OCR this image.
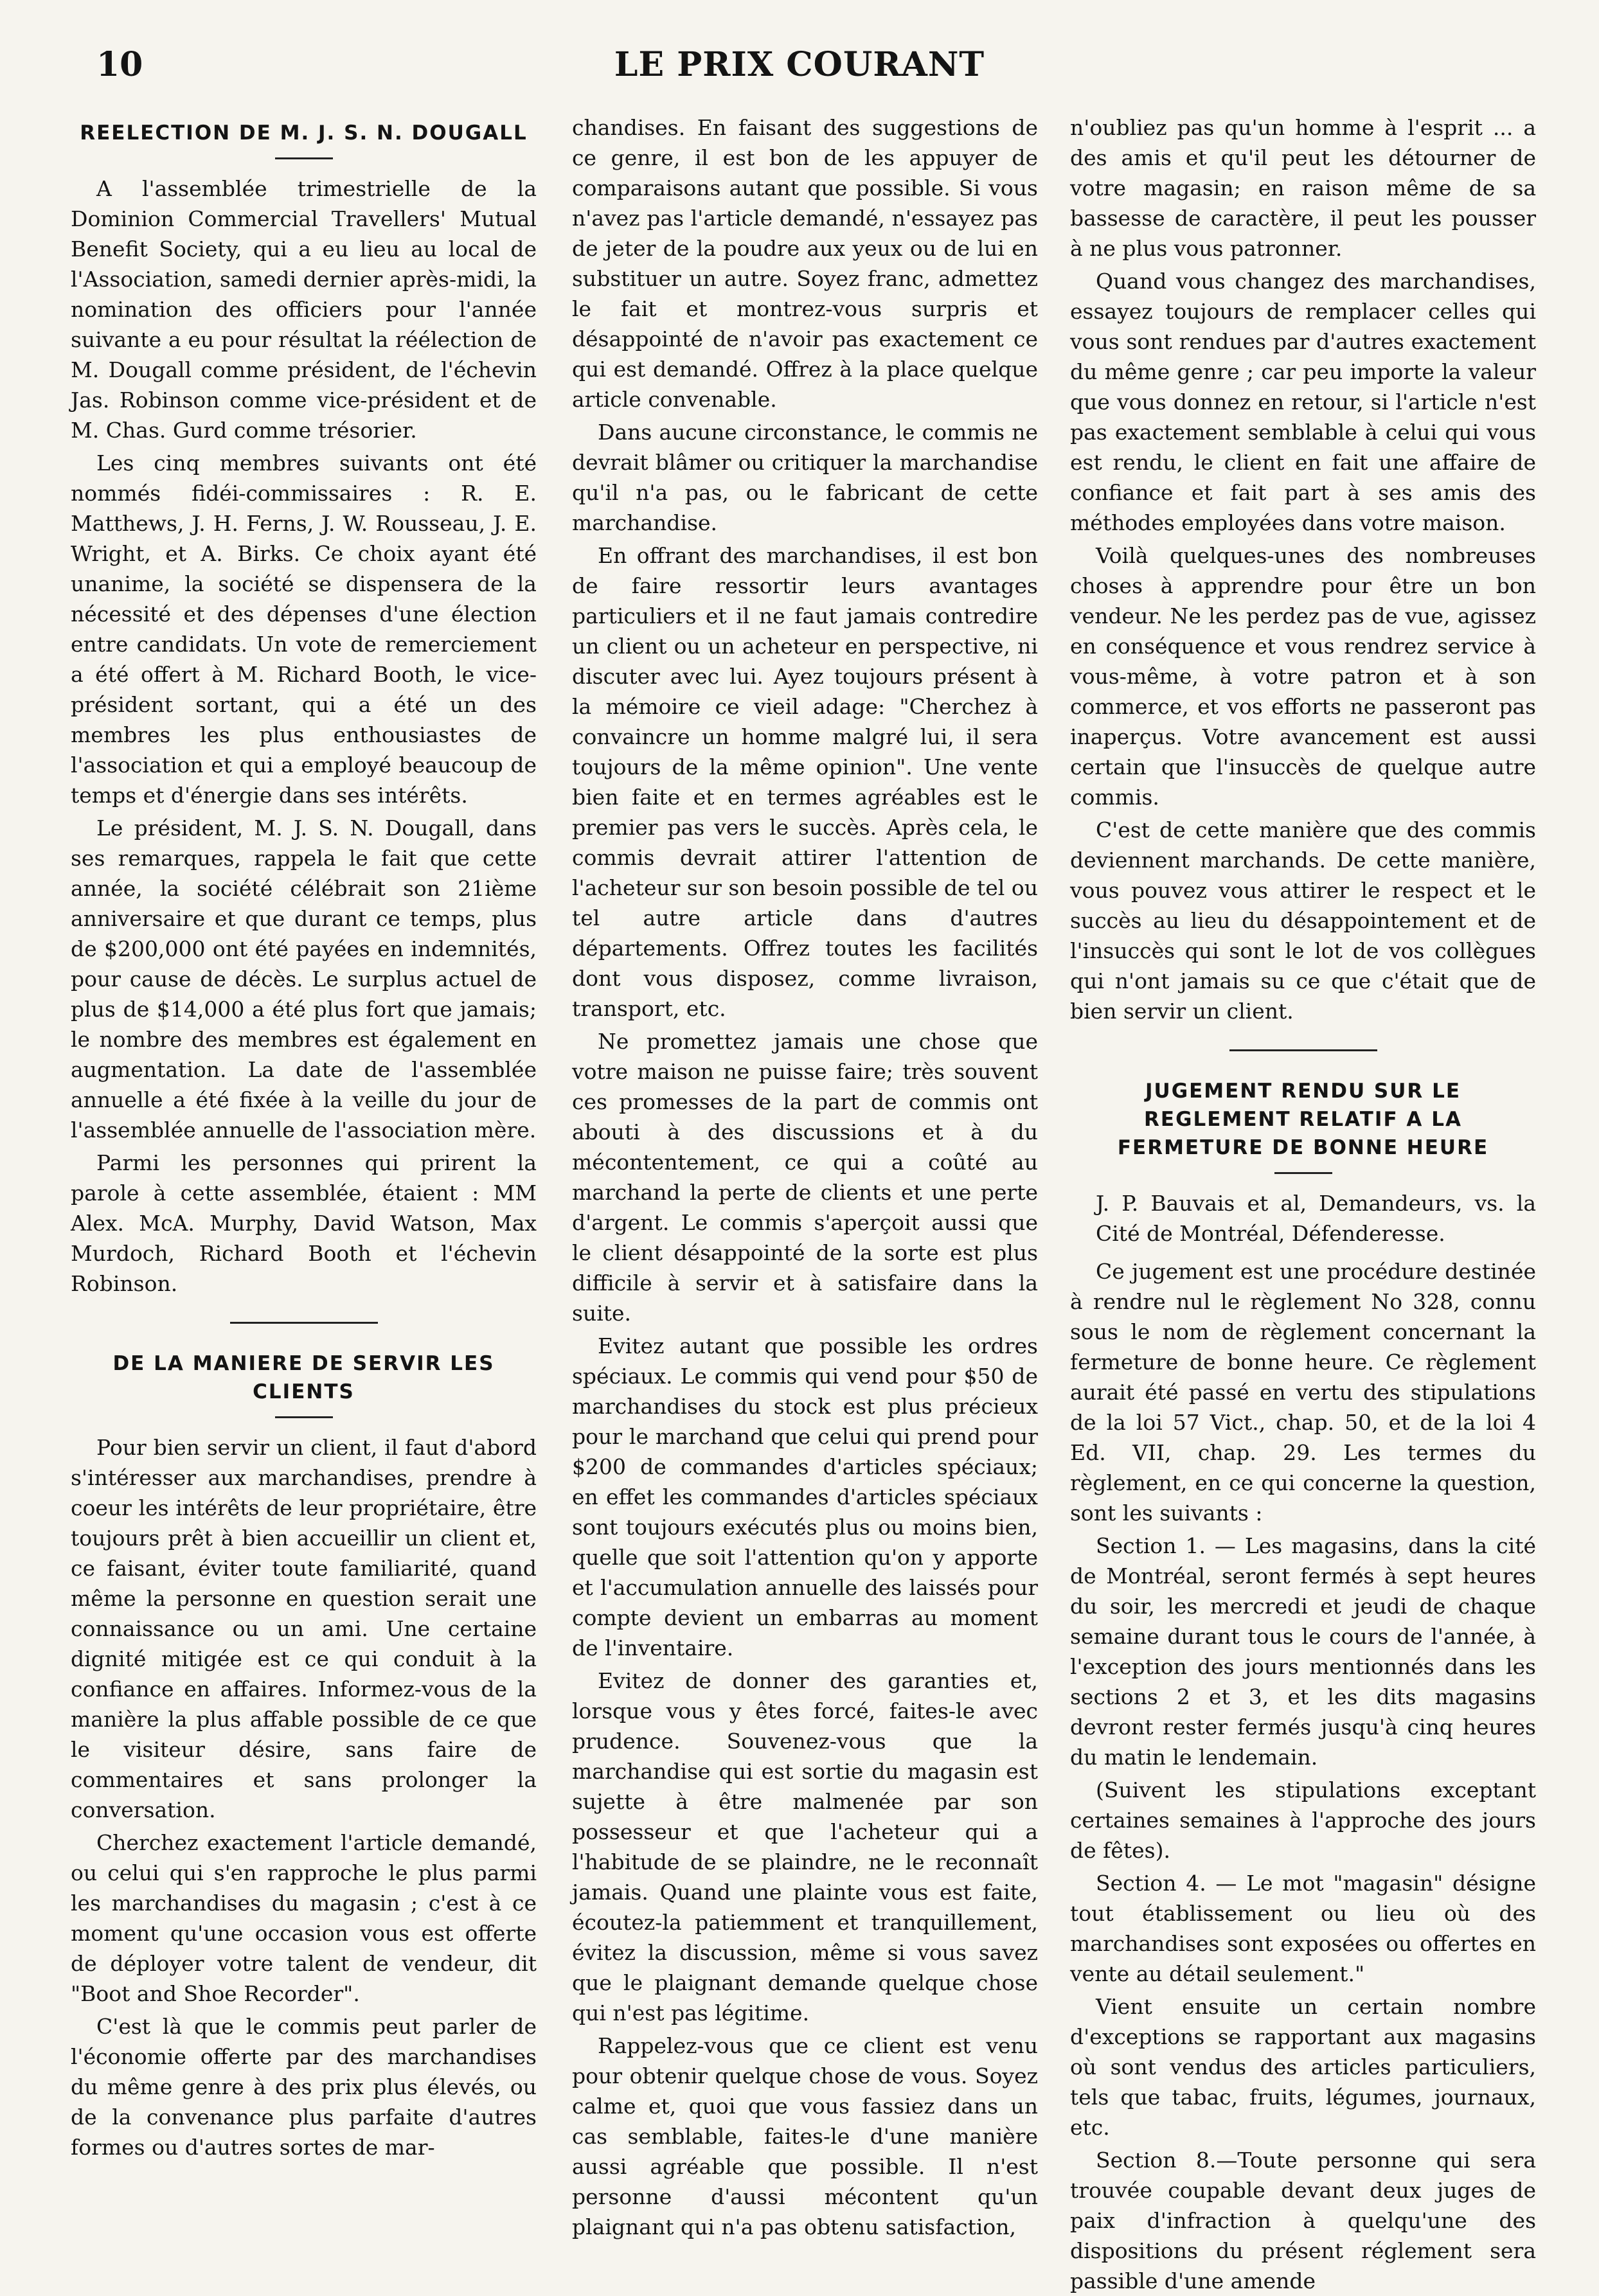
10	LE PRIX COURANT
REELECTION DE M. J. S. N. DOUGALL

A l'assemblée trimestrielle de la Dominion Commercial Travellers' Mutual Benefit Society, qui a eu lieu au local de l'Association, samedi dernier après-midi, la nomination des officiers pour l'année suivante a eu pour résultat la réélection de M. Dougall comme président, de l'échevin Jas. Robinson comme vice-président et de M. Chas. Gurd comme trésorier.

Les cinq membres suivants ont été nommés fidéi-commissaires : R. E. Matthews, J. H. Ferns, J. W. Rousseau, J. E. Wright, et A. Birks. Ce choix ayant été unanime, la société se dispensera de la nécessité et des dépenses d'une élection entre candidats. Un vote de remerciement a été offert à M. Richard Booth, le vice-président sortant, qui a été un des membres les plus enthousiastes de l'association et qui a employé beaucoup de temps et d'énergie dans ses intérêts.

Le président, M. J. S. N. Dougall, dans ses remarques, rappela le fait que cette année, la société célébrait son 21ième anniversaire et que durant ce temps, plus de $200,000 ont été payées en indemnités, pour cause de décès. Le surplus actuel de plus de $14,000 a été plus fort que jamais; le nombre des membres est également en augmentation. La date de l'assemblée annuelle a été fixée à la veille du jour de l'assemblée annuelle de l'association mère.

Parmi les personnes qui prirent la parole à cette assemblée, étaient : MM Alex. McA. Murphy, David Watson, Max Murdoch, Richard Booth et l'échevin Robinson.

DE LA MANIERE DE SERVIR LES CLIENTS

Pour bien servir un client, il faut d'abord s'intéresser aux marchandises, prendre à coeur les intérêts de leur propriétaire, être toujours prêt à bien accueillir un client et, ce faisant, éviter toute familiarité, quand même la personne en question serait une connaissance ou un ami. Une certaine dignité mitigée est ce qui conduit à la confiance en affaires. Informez-vous de la manière la plus affable possible de ce que le visiteur désire, sans faire de commentaires et sans prolonger la conversation.

Cherchez exactement l'article demandé, ou celui qui s'en rapproche le plus parmi les marchandises du magasin ; c'est à ce moment qu'une occasion vous est offerte de déployer votre talent de vendeur, dit "Boot and Shoe Recorder".

C'est là que le commis peut parler de l'économie offerte par des marchandises du même genre à des prix plus élevés, ou de la convenance plus parfaite d'autres formes ou d'autres sortes de mar-

chandises. En faisant des suggestions de ce genre, il est bon de les appuyer de comparaisons autant que possible. Si vous n'avez pas l'article demandé, n'essayez pas de jeter de la poudre aux yeux ou de lui en substituer un autre. Soyez franc, admettez le fait et montrez-vous surpris et désappointé de n'avoir pas exactement ce qui est demandé. Offrez à la place quelque article convenable.

Dans aucune circonstance, le commis ne devrait blâmer ou critiquer la marchandise qu'il n'a pas, ou le fabricant de cette marchandise.

En offrant des marchandises, il est bon de faire ressortir leurs avantages particuliers et il ne faut jamais contredire un client ou un acheteur en perspective, ni discuter avec lui. Ayez toujours présent à la mémoire ce vieil adage: "Cherchez à convaincre un homme malgré lui, il sera toujours de la même opinion". Une vente bien faite et en termes agréables est le premier pas vers le succès. Après cela, le commis devrait attirer l'attention de l'acheteur sur son besoin possible de tel ou tel autre article dans d'autres départements. Offrez toutes les facilités dont vous disposez, comme livraison, transport, etc.

Ne promettez jamais une chose que votre maison ne puisse faire; très souvent ces promesses de la part de commis ont abouti à des discussions et à du mécontentement, ce qui a coûté au marchand la perte de clients et une perte d'argent. Le commis s'aperçoit aussi que le client désappointé de la sorte est plus difficile à servir et à satisfaire dans la suite.

Evitez autant que possible les ordres spéciaux. Le commis qui vend pour $50 de marchandises du stock est plus précieux pour le marchand que celui qui prend pour $200 de commandes d'articles spéciaux; en effet les commandes d'articles spéciaux sont toujours exécutés plus ou moins bien, quelle que soit l'attention qu'on y apporte et l'accumulation annuelle des laissés pour compte devient un embarras au moment de l'inventaire.

Evitez de donner des garanties et, lorsque vous y êtes forcé, faites-le avec prudence. Souvenez-vous que la marchandise qui est sortie du magasin est sujette à être malmenée par son possesseur et que l'acheteur qui a l'habitude de se plaindre, ne le reconnaît jamais. Quand une plainte vous est faite, écoutez-la patiemment et tranquillement, évitez la discussion, même si vous savez que le plaignant demande quelque chose qui n'est pas légitime.

Rappelez-vous que ce client est venu pour obtenir quelque chose de vous. Soyez calme et, quoi que vous fassiez dans un cas semblable, faites-le d'une manière aussi agréable que possible. Il n'est personne d'aussi mécontent qu'un plaignant qui n'a pas obtenu satisfaction,

n'oubliez pas qu'un homme à l'esprit ... a des amis et qu'il peut les détourner de votre magasin; en raison même de sa bassesse de caractère, il peut les pousser à ne plus vous patronner.

Quand vous changez des marchandises, essayez toujours de remplacer celles qui vous sont rendues par d'autres exactement du même genre ; car peu importe la valeur que vous donnez en retour, si l'article n'est pas exactement semblable à celui qui vous est rendu, le client en fait une affaire de confiance et fait part à ses amis des méthodes employées dans votre maison.

Voilà quelques-unes des nombreuses choses à apprendre pour être un bon vendeur. Ne les perdez pas de vue, agissez en conséquence et vous rendrez service à vous-même, à votre patron et à son commerce, et vos efforts ne passeront pas inaperçus. Votre avancement est aussi certain que l'insuccès de quelque autre commis.

C'est de cette manière que des commis deviennent marchands. De cette manière, vous pouvez vous attirer le respect et le succès au lieu du désappointement et de l'insuccès qui sont le lot de vos collègues qui n'ont jamais su ce que c'était que de bien servir un client.

JUGEMENT RENDU SUR LE REGLEMENT RELATIF A LA FERMETURE DE BONNE HEURE

J. P. Bauvais et al, Demandeurs, vs. la Cité de Montréal, Défenderesse.

Ce jugement est une procédure destinée à rendre nul le règlement No 328, connu sous le nom de règlement concernant la fermeture de bonne heure. Ce règlement aurait été passé en vertu des stipulations de la loi 57 Vict., chap. 50, et de la loi 4 Ed. VII, chap. 29. Les termes du règlement, en ce qui concerne la question, sont les suivants :

Section 1. — Les magasins, dans la cité de Montréal, seront fermés à sept heures du soir, les mercredi et jeudi de chaque semaine durant tous le cours de l'année, à l'exception des jours mentionnés dans les sections 2 et 3, et les dits magasins devront rester fermés jusqu'à cinq heures du matin le lendemain.

(Suivent les stipulations exceptant certaines semaines à l'approche des jours de fêtes).

Section 4. — Le mot "magasin" désigne tout établissement ou lieu où des marchandises sont exposées ou offertes en vente au détail seulement."

Vient ensuite un certain nombre d'exceptions se rapportant aux magasins où sont vendus des articles particuliers, tels que tabac, fruits, légumes, journaux, etc.

Section 8.—Toute personne qui sera trouvée coupable devant deux juges de paix d'infraction à quelqu'une des dispositions du présent réglement sera passible d'une amende
